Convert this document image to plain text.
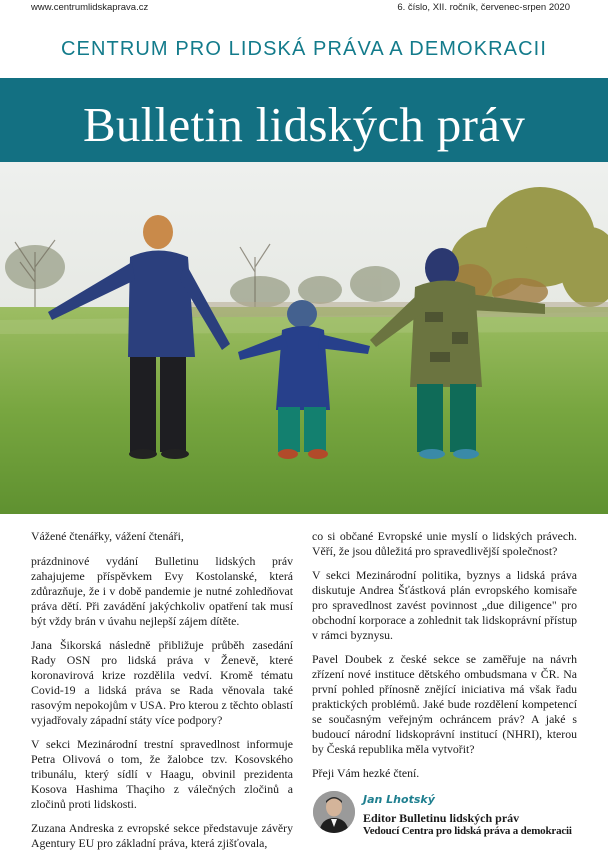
www.centrumlidskaprava.cz	6. číslo, XII. ročník, červenec-srpen 2020
CENTRUM PRO LIDSKÁ PRÁVA A DEMOKRACII
Bulletin lidských práv

Vážené čtenářky, vážení čtenáři,

prázdninové vydání Bulletinu lidských práv zahajujeme příspěvkem Evy Kostolanské, která zdůrazňuje, že i v době pandemie je nutné zohledňovat práva dětí. Při zavádění jakýchkoliv opatření tak musí být vždy brán v úvahu nejlepší zájem dítěte.

Jana Šikorská následně přibližuje průběh zasedání Rady OSN pro lidská práva v Ženevě, které koronavirová krize rozdělila vedví. Kromě tématu Covid-19 a lidská práva se Rada věnovala také rasovým nepokojům v USA. Pro kterou z těchto oblastí vyjadřovaly západní státy více podpory?

V sekci Mezinárodní trestní spravedlnost informuje Petra Olivová o tom, že žalobce tzv. Kosovského tribunálu, který sídlí v Haagu, obvinil prezidenta Kosova Hashima Thaçiho z válečných zločinů a zločinů proti lidskosti.

Zuzana Andreska z evropské sekce představuje závěry Agentury EU pro základní práva, která zjišťovala,

co si občané Evropské unie myslí o lidských právech. Věří, že jsou důležitá pro spravedlivější společnost?

V sekci Mezinárodní politika, byznys a lidská práva diskutuje Andrea Šťástková plán evropského komisaře pro spravedlnost zavést povinnost „due diligence" pro obchodní korporace a zohlednit tak lidskoprávní přístup v rámci byznysu.

Pavel Doubek z české sekce se zaměřuje na návrh zřízení nové instituce dětského ombudsmana v ČR. Na první pohled přínosně znějící iniciativa má však řadu praktických problémů. Jaké bude rozdělení kompetencí se současným veřejným ochráncem práv? A jaké s budoucí národní lidskoprávní institucí (NHRI), kterou by Česká republika měla vytvořit?

Přeji Vám hezké čtení.

Jan Lhotský
Editor Bulletinu lidských práv
Vedoucí Centra pro lidská práva a demokracii
